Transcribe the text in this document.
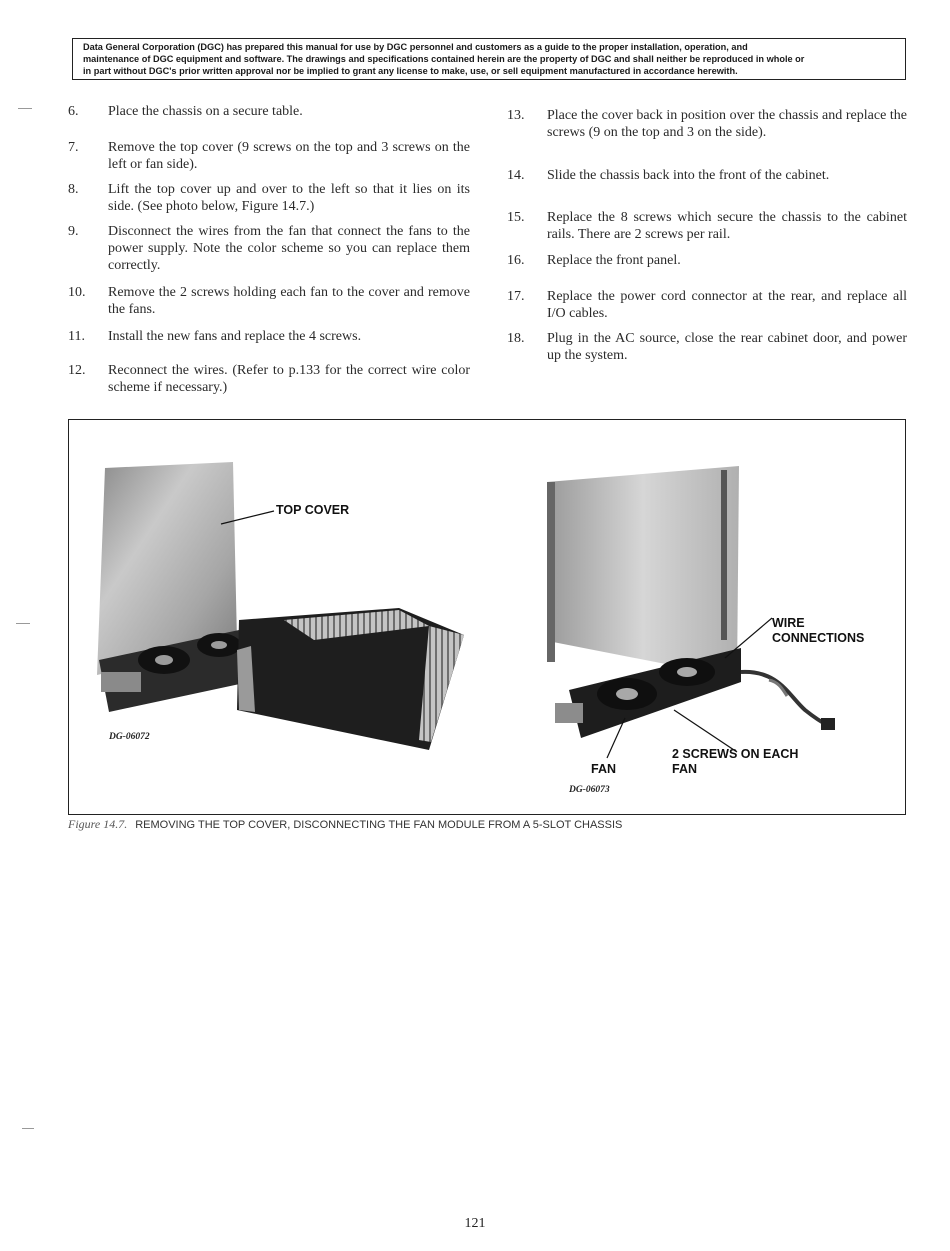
Data General Corporation (DGC) has prepared this manual for use by DGC personnel and customers as a guide to the proper installation, operation, and
maintenance of DGC equipment and software. The drawings and specifications contained herein are the property of DGC and shall neither be reproduced in whole or
in part without DGC's prior written approval nor be implied to grant any license to make, use, or sell equipment manufactured in accordance herewith.
6.	Place the chassis on a secure table.
7.	Remove the top cover (9 screws on the top and 3 screws on the left or fan side).
8.	Lift the top cover up and over to the left so that it lies on its side. (See photo below, Figure 14.7.)
9.	Disconnect the wires from the fan that connect the fans to the power supply. Note the color scheme so you can replace them correctly.
10.	Remove the 2 screws holding each fan to the cover and remove the fans.
11.	Install the new fans and replace the 4 screws.
12.	Reconnect the wires. (Refer to p.133 for the correct wire color scheme if necessary.)
13.	Place the cover back in position over the chassis and replace the screws (9 on the top and 3 on the side).
14.	Slide the chassis back into the front of the cabinet.
15.	Replace the 8 screws which secure the chassis to the cabinet rails. There are 2 screws per rail.
16.	Replace the front panel.
17.	Replace the power cord connector at the rear, and replace all I/O cables.
18.	Plug in the AC source, close the rear cabinet door, and power up the system.
TOP COVER
DG-06072
WIRE
CONNECTIONS
2 SCREWS ON EACH
FAN
FAN
DG-06073
Figure 14.7. REMOVING THE TOP COVER, DISCONNECTING THE FAN MODULE FROM A 5-SLOT CHASSIS
121
